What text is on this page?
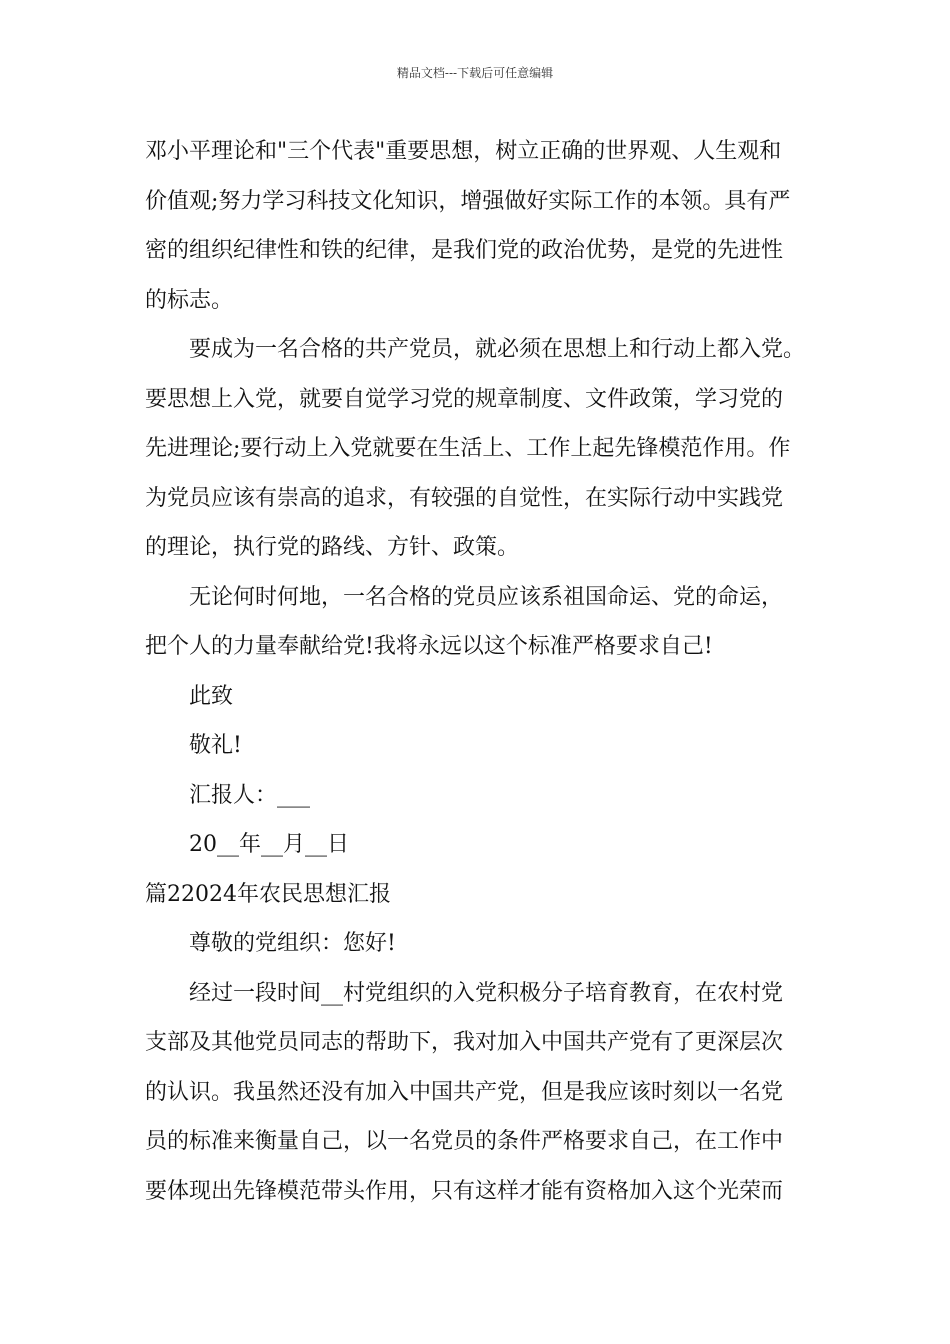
精品文档---下载后可任意编辑
邓小平理论和"三个代表"重要思想，树立正确的世界观、人生观和
价值观;努力学习科技文化知识，增强做好实际工作的本领。具有严
密的组织纪律性和铁的纪律，是我们党的政治优势，是党的先进性
的标志。
要成为一名合格的共产党员，就必须在思想上和行动上都入党。
要思想上入党，就要自觉学习党的规章制度、文件政策，学习党的
先进理论;要行动上入党就要在生活上、工作上起先锋模范作用。作
为党员应该有崇高的追求，有较强的自觉性，在实际行动中实践党
的理论，执行党的路线、方针、政策。
无论何时何地，一名合格的党员应该系祖国命运、党的命运，
把个人的力量奉献给党!我将永远以这个标准严格要求自己!
此致
敬礼!
汇报人：___
20__年__月__日
篇22024年农民思想汇报
尊敬的党组织：您好!
经过一段时间__村党组织的入党积极分子培育教育，在农村党
支部及其他党员同志的帮助下，我对加入中国共产党有了更深层次
的认识。我虽然还没有加入中国共产党，但是我应该时刻以一名党
员的标准来衡量自己，以一名党员的条件严格要求自己，在工作中
要体现出先锋模范带头作用，只有这样才能有资格加入这个光荣而
